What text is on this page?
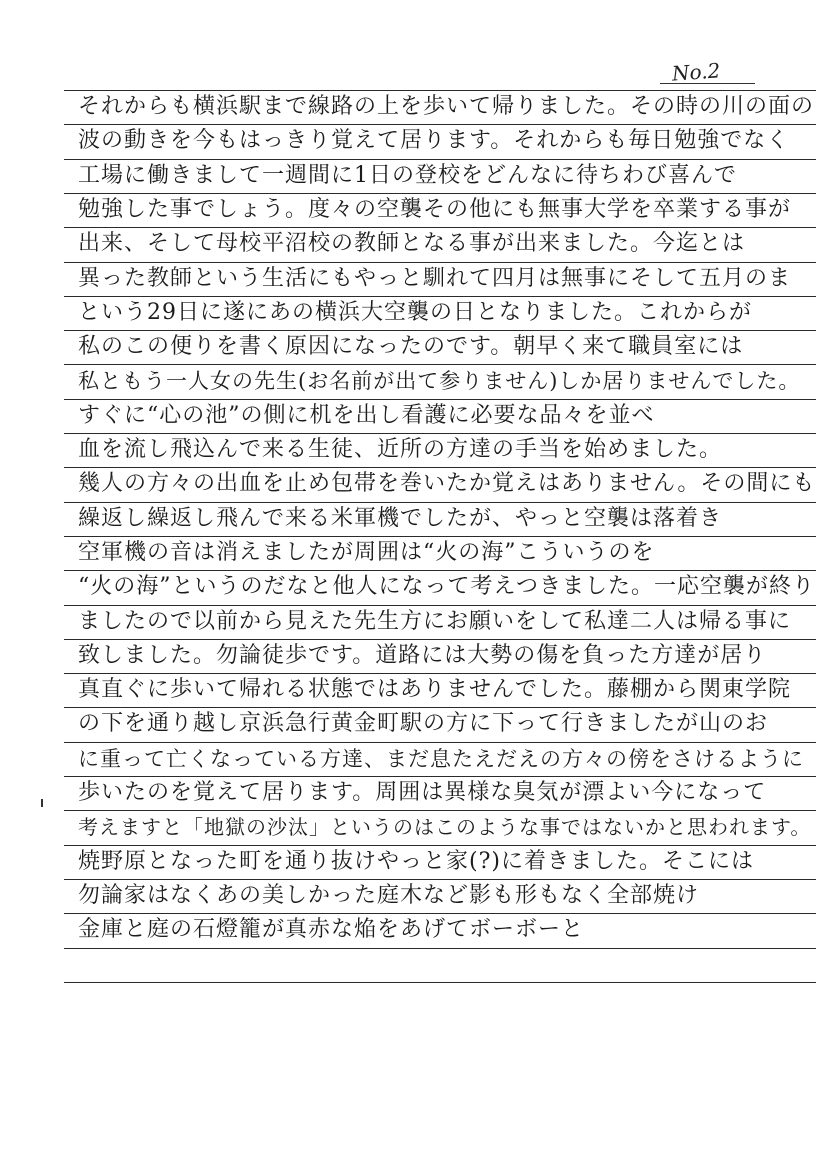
No.2
それからも横浜駅まで線路の上を歩いて帰りました。その時の川の面の
波の動きを今もはっきり覚えて居ります。それからも毎日勉強でなく
工場に働きまして一週間に1日の登校をどんなに待ちわび喜んで
勉強した事でしょう。度々の空襲その他にも無事大学を卒業する事が
出来、そして母校平沼校の教師となる事が出来ました。今迄とは
異った教師という生活にもやっと馴れて四月は無事にそして五月のま
という29日に遂にあの横浜大空襲の日となりました。これからが
私のこの便りを書く原因になったのです。朝早く来て職員室には
私ともう一人女の先生(お名前が出て参りません)しか居りませんでした。
すぐに“心の池”の側に机を出し看護に必要な品々を並べ
血を流し飛込んで来る生徒、近所の方達の手当を始めました。
幾人の方々の出血を止め包帯を巻いたか覚えはありません。その間にも
繰返し繰返し飛んで来る米軍機でしたが、やっと空襲は落着き
空軍機の音は消えましたが周囲は“火の海”こういうのを
“火の海”というのだなと他人になって考えつきました。一応空襲が終り
ましたので以前から見えた先生方にお願いをして私達二人は帰る事に
致しました。勿論徒歩です。道路には大勢の傷を負った方達が居り
真直ぐに歩いて帰れる状態ではありませんでした。藤棚から関東学院
の下を通り越し京浜急行黄金町駅の方に下って行きましたが山のお
に重って亡くなっている方達、まだ息たえだえの方々の傍をさけるように
歩いたのを覚えて居ります。周囲は異様な臭気が漂よい今になって
考えますと「地獄の沙汰」というのはこのような事ではないかと思われます。
焼野原となった町を通り抜けやっと家(?)に着きました。そこには
勿論家はなくあの美しかった庭木など影も形もなく全部焼け
金庫と庭の石燈籠が真赤な焔をあげてボーボーと
